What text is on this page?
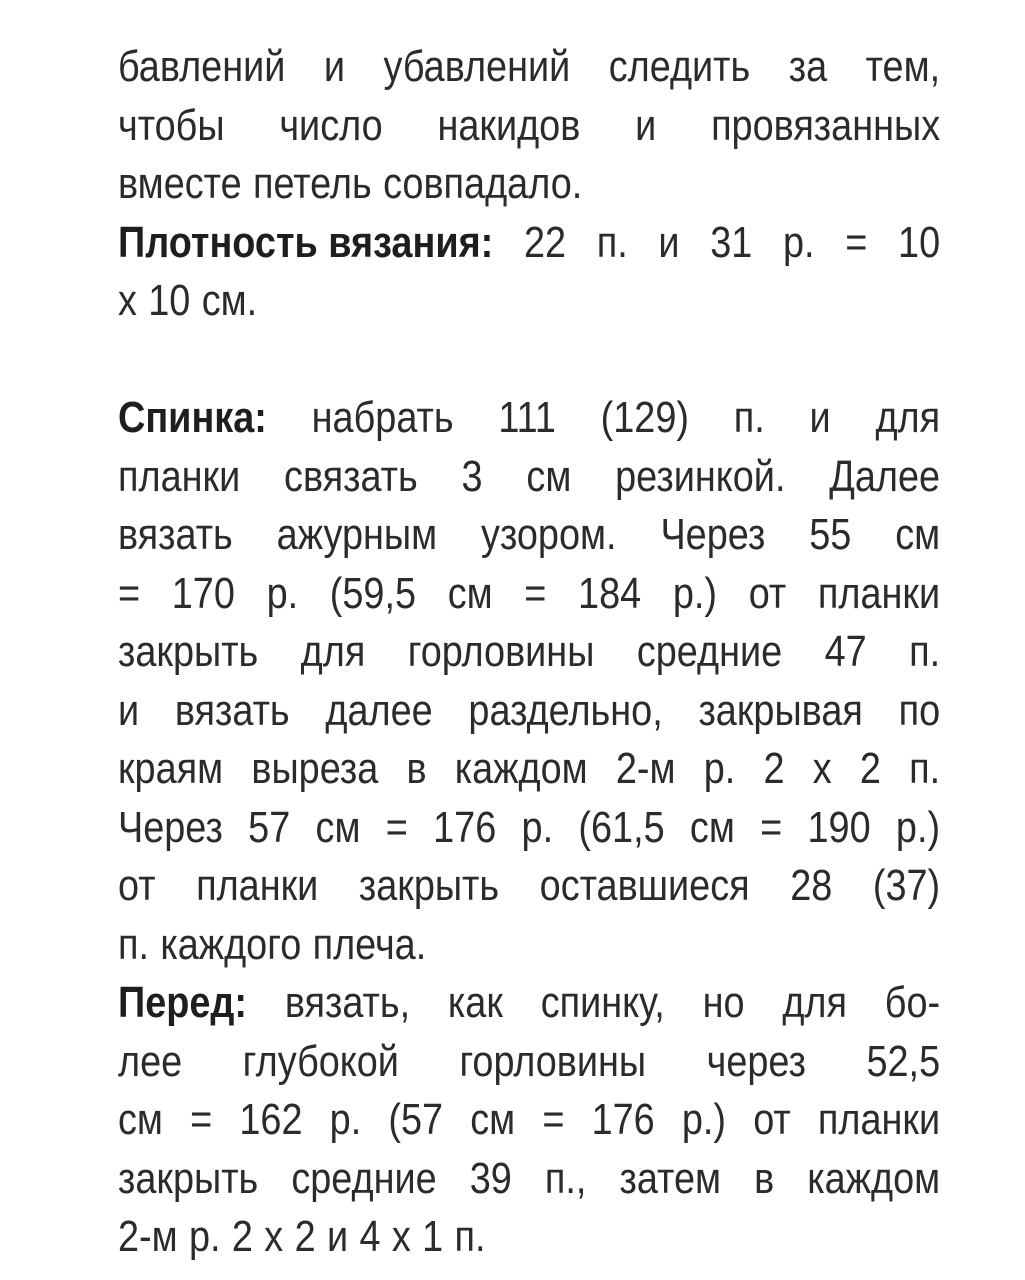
бавлений и убавлений следить за тем,
чтобы число накидов и провязанных
вместе петель совпадало.
Плотность вязания: 22 п. и 31 р. = 10
х 10 см.
Спинка: набрать 111 (129) п. и для
планки связать 3 см резинкой. Далее
вязать ажурным узором. Через 55 см
= 170 р. (59,5 см = 184 р.) от планки
закрыть для горловины средние 47 п.
и вязать далее раздельно, закрывая по
краям выреза в каждом 2-м р. 2 х 2 п.
Через 57 см = 176 р. (61,5 см = 190 р.)
от планки закрыть оставшиеся 28 (37)
п. каждого плеча.
Перед: вязать, как спинку, но для бо-
лее глубокой горловины через 52,5
см = 162 р. (57 см = 176 р.) от планки
закрыть средние 39 п., затем в каждом
2-м р. 2 х 2 и 4 х 1 п.
